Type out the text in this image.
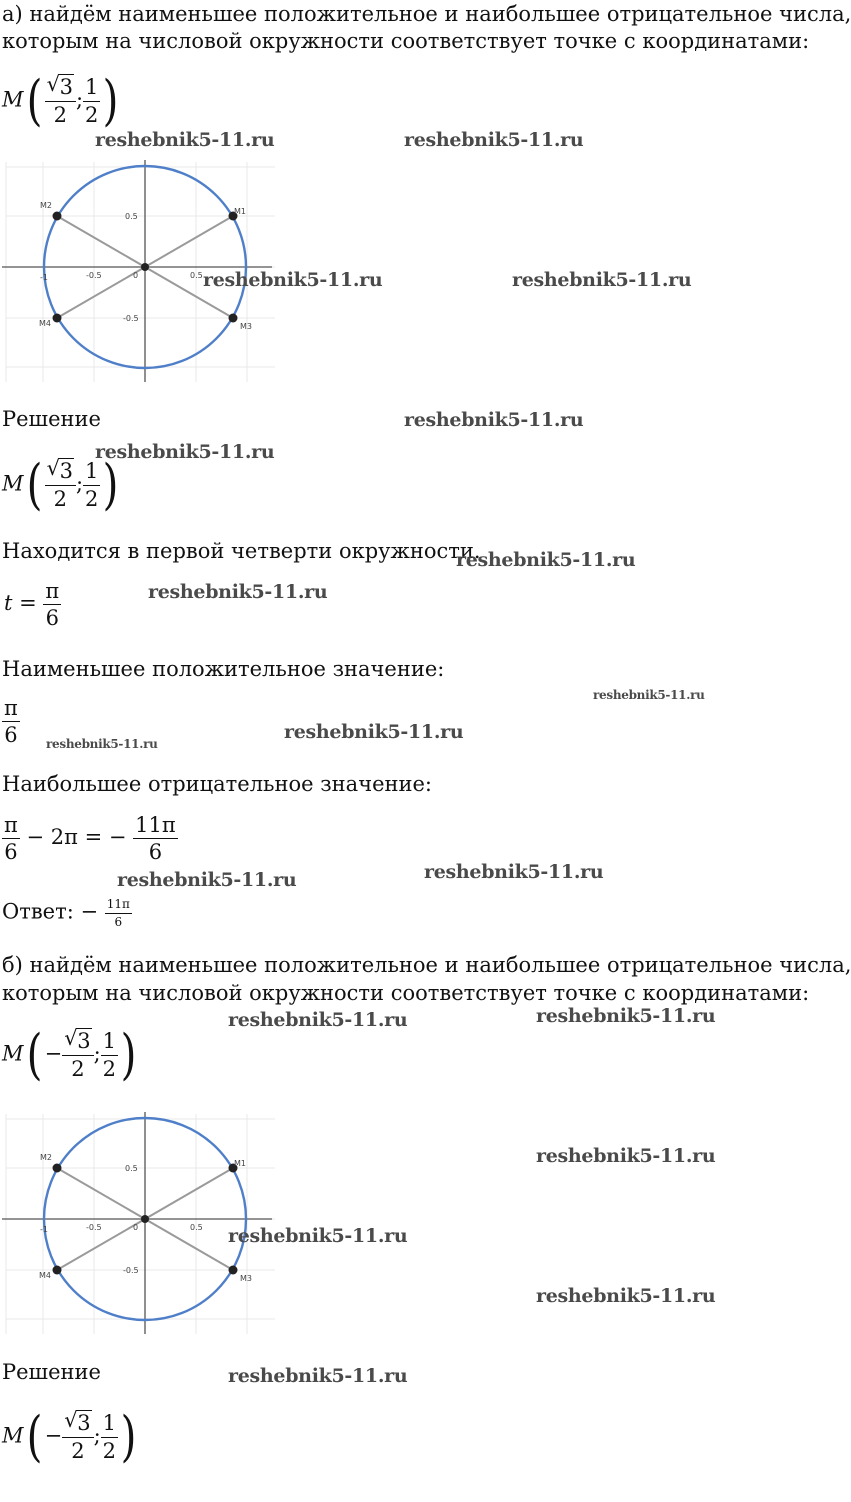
а) найдём наименьшее положительное и наибольшее отрицательное числа,
которым на числовой окружности соответствует точке с координатами:
M( √ $\frac{3}{2}$ ; $\frac{1}{2}$ )
-1	-0.5	0	0.5
0.5
-0.5
M2
M1
M4	M3
Решение
M( √ $\frac{3}{2}$ ; $\frac{1}{2}$ )
Находится в первой четверти окружности.
$t = \frac{\pi}{6}$
Наименьшее положительное значение:
$\frac{\pi}{6}$
Наибольшее отрицательное значение:
$\frac{\pi}{6} - 2\pi$ = − $\frac{11\pi}{6}$
Ответ: − $\frac{11\pi}{6}$
б) найдём наименьшее положительное и наибольшее отрицательное числа,
которым на числовой окружности соответствует точке с координатами:
M( − √ $\frac{3}{2}$ ; $\frac{1}{2}$ )
-1	-0.5	0	0.5
0.5
-0.5
M2
M1
M4	M3
Решение
M( − √ $\frac{3}{2}$ ; $\frac{1}{2}$ )
reshebnik5-11.ru	reshebnik5-11.ru
reshebnik5-11.ru	reshebnik5-11.ru
reshebnik5-11.ru
reshebnik5-11.ru
reshebnik5-11.ru
reshebnik5-11.ru
reshebnik5-11.ru
reshebnik5-11.ru
reshebnik5-11.ru
reshebnik5-11.ru
reshebnik5-11.ru
reshebnik5-11.ru
reshebnik5-11.ru
reshebnik5-11.ru
reshebnik5-11.ru
reshebnik5-11.ru
reshebnik5-11.ru
